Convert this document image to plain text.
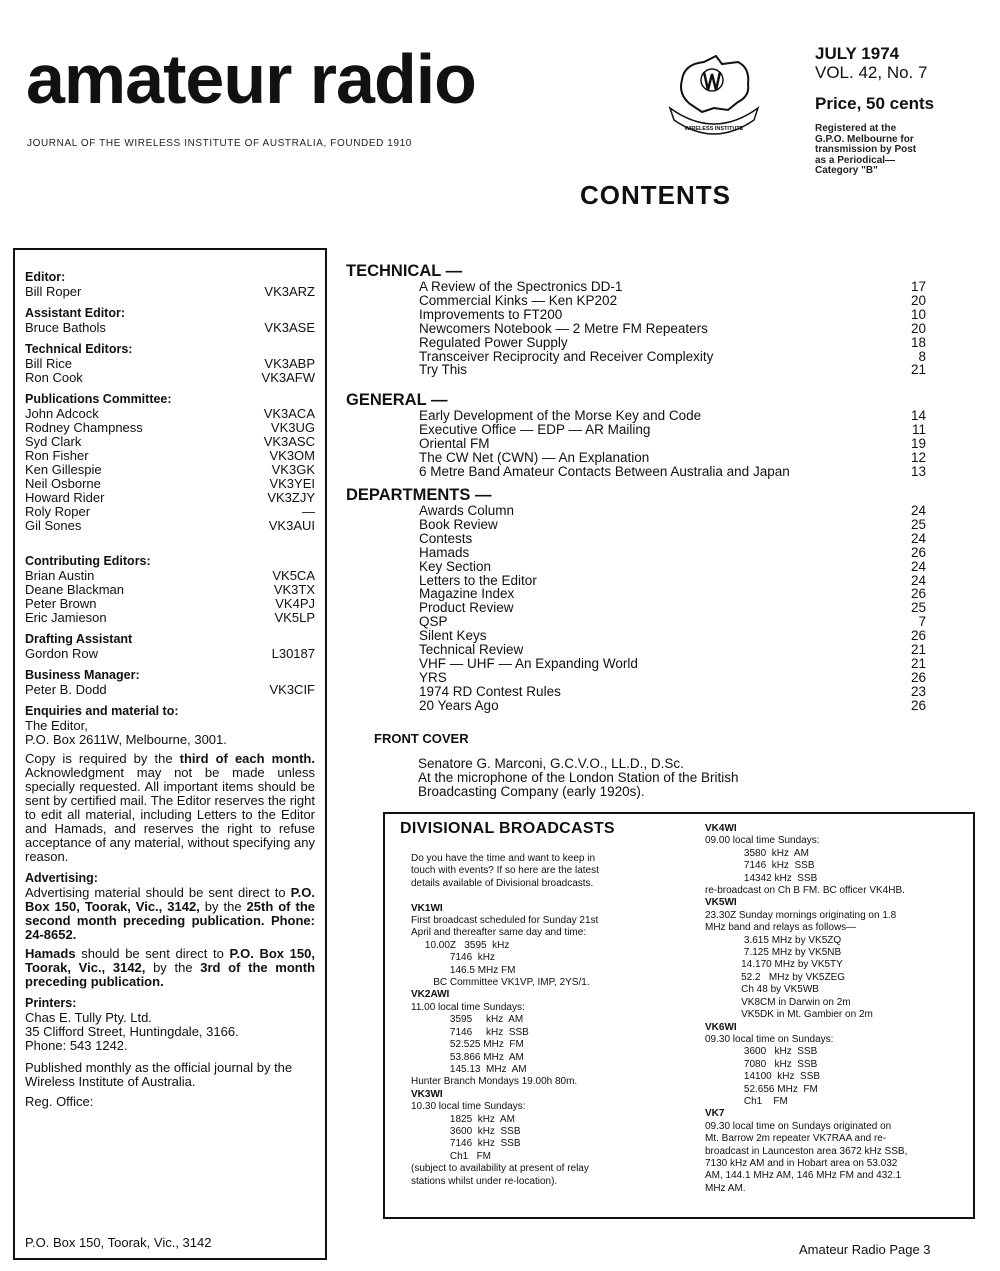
amateur radio
JOURNAL OF THE WIRELESS INSTITUTE OF AUSTRALIA, FOUNDED 1910
WIRELESS INSTITUTE
JULY 1974
VOL. 42, No. 7
Price, 50 cents
Registered at the
G.P.O. Melbourne for
transmission by Post
as a Periodical—
Category "B"
CONTENTS
Editor:
Bill Roper	VK3ARZ
Assistant Editor:
Bruce Bathols	VK3ASE
Technical Editors:
Bill Rice	VK3ABP
Ron Cook	VK3AFW
Publications Committee:
John Adcock	VK3ACA
Rodney Champness	VK3UG
Syd Clark	VK3ASC
Ron Fisher	VK3OM
Ken Gillespie	VK3GK
Neil Osborne	VK3YEI
Howard Rider	VK3ZJY
Roly Roper	—
Gil Sones	VK3AUI
Contributing Editors:
Brian Austin	VK5CA
Deane Blackman	VK3TX
Peter Brown	VK4PJ
Eric Jamieson	VK5LP
Drafting Assistant
Gordon Row	L30187
Business Manager:
Peter B. Dodd	VK3CIF
Enquiries and material to:
The Editor,
P.O. Box 2611W, Melbourne, 3001.
Copy is required by the third of each month. Acknowledgment may not be made unless specially requested. All important items should be sent by certified mail. The Editor reserves the right to edit all material, including Letters to the Editor and Hamads, and reserves the right to refuse acceptance of any material, without specifying any reason.
Advertising:
Advertising material should be sent direct to P.O. Box 150, Toorak, Vic., 3142, by the 25th of the second month preceding publication. Phone: 24-8652.
Hamads should be sent direct to P.O. Box 150, Toorak, Vic., 3142, by the 3rd of the month preceding publication.
Printers:
Chas E. Tully Pty. Ltd.
35 Clifford Street, Huntingdale, 3166.
Phone: 543 1242.
Published monthly as the official journal by the Wireless Institute of Australia.
Reg. Office:
P.O. Box 150, Toorak, Vic., 3142
TECHNICAL —
A Review of the Spectronics DD-1	17
Commercial Kinks — Ken KP202	20
Improvements to FT200	10
Newcomers Notebook — 2 Metre FM Repeaters	20
Regulated Power Supply	18
Transceiver Reciprocity and Receiver Complexity	8
Try This	21
GENERAL —
Early Development of the Morse Key and Code	14
Executive Office — EDP — AR Mailing	11
Oriental FM	19
The CW Net (CWN) — An Explanation	12
6 Metre Band Amateur Contacts Between Australia and Japan	13
DEPARTMENTS —
Awards Column	24
Book Review	25
Contests	24
Hamads	26
Key Section	24
Letters to the Editor	24
Magazine Index	26
Product Review	25
QSP	7
Silent Keys	26
Technical Review	21
VHF — UHF — An Expanding World	21
YRS	26
1974 RD Contest Rules	23
20 Years Ago	26
FRONT COVER
Senatore G. Marconi, G.C.V.O., LL.D., D.Sc.
At the microphone of the London Station of the British
Broadcasting Company (early 1920s).
DIVISIONAL BROADCASTS
Do you have the time and want to keep in
touch with events? If so here are the latest
details available of Divisional broadcasts.

VK1WI
First broadcast scheduled for Sunday 21st
April and thereafter same day and time:
10.00Z   3595  kHz
7146  kHz
146.5 MHz FM
BC Committee VK1VP, IMP, 2YS/1.
VK2AWI
11.00 local time Sundays:
3595     kHz  AM
7146     kHz  SSB
52.525 MHz  FM
53.866 MHz  AM
145.13  MHz  AM
Hunter Branch Mondays 19.00h 80m.
VK3WI
10.30 local time Sundays:
1825  kHz  AM
3600  kHz  SSB
7146  kHz  SSB
Ch1   FM
(subject to availability at present of relay
stations whilst under re-location).
VK4WI
09.00 local time Sundays:
3580  kHz  AM
7146  kHz  SSB
14342 kHz  SSB
re-broadcast on Ch B FM. BC officer VK4HB.
VK5WI
23.30Z Sunday mornings originating on 1.8
MHz band and relays as follows—
3.615 MHz by VK5ZQ
7.125 MHz by VK5NB
14.170 MHz by VK5TY
52.2   MHz by VK5ZEG
Ch 48 by VK5WB
VK8CM in Darwin on 2m
VK5DK in Mt. Gambier on 2m
VK6WI
09.30 local time on Sundays:
3600   kHz  SSB
7080   kHz  SSB
14100  kHz  SSB
52.656 MHz  FM
Ch1    FM
VK7
09.30 local time on Sundays originated on
Mt. Barrow 2m repeater VK7RAA and re-
broadcast in Launceston area 3672 kHz SSB,
7130 kHz AM and in Hobart area on 53.032
AM, 144.1 MHz AM, 146 MHz FM and 432.1
MHz AM.
Amateur Radio Page 3
